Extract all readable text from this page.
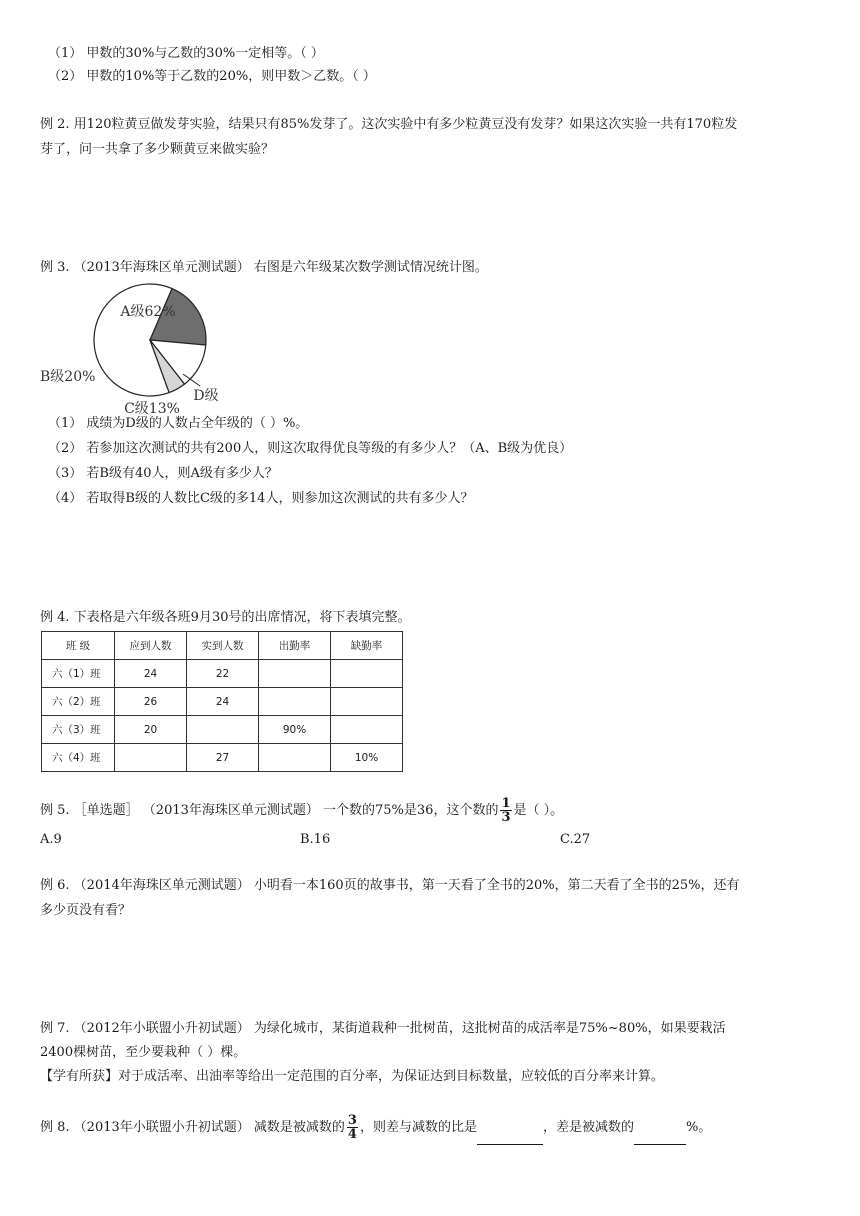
（1） 甲数的30%与乙数的30%一定相等。（ ）
（2） 甲数的10%等于乙数的20%，则甲数＞乙数。（ ）
例 2. 用120粒黄豆做发芽实验，结果只有85%发芽了。这次实验中有多少粒黄豆没有发芽？如果这次实验一共有170粒发
芽了，问一共拿了多少颗黄豆来做实验？
例 3. （2013年海珠区单元测试题） 右图是六年级某次数学测试情况统计图。
A级62%
B级20%
C级13%
D级
（1） 成绩为D级的人数占全年级的（ ）%。
（2） 若参加这次测试的共有200人，则这次取得优良等级的有多少人？（A、B级为优良）
（3） 若B级有40人，则A级有多少人？
（4） 若取得B级的人数比C级的多14人，则参加这次测试的共有多少人？
例 4. 下表格是六年级各班9月30号的出席情况，将下表填完整。
班 级	应到人数	实到人数	出勤率	缺勤率
六（1）班	24	22		
六（2）班	26	24		
六（3）班	20		90%	
六（4）班		27		10%
例 5. ［单选题］ （2013年海珠区单元测试题） 一个数的75%是36，这个数的 $\frac{1}{3}$ 是（ ）。
A.9	B.16	C.27
例 6. （2014年海珠区单元测试题） 小明看一本160页的故事书，第一天看了全书的20%，第二天看了全书的25%，还有
多少页没有看？
例 7. （2012年小联盟小升初试题） 为绿化城市，某街道栽种一批树苗，这批树苗的成活率是75%~80%，如果要栽活
2400棵树苗，至少要栽种（ ）棵。
【学有所获】对于成活率、出油率等给出一定范围的百分率，为保证达到目标数量，应较低的百分率来计算。
例 8. （2013年小联盟小升初试题） 减数是被减数的 $\frac{3}{4}$ ，则差与减数的比是	，差是被减数的	%。
